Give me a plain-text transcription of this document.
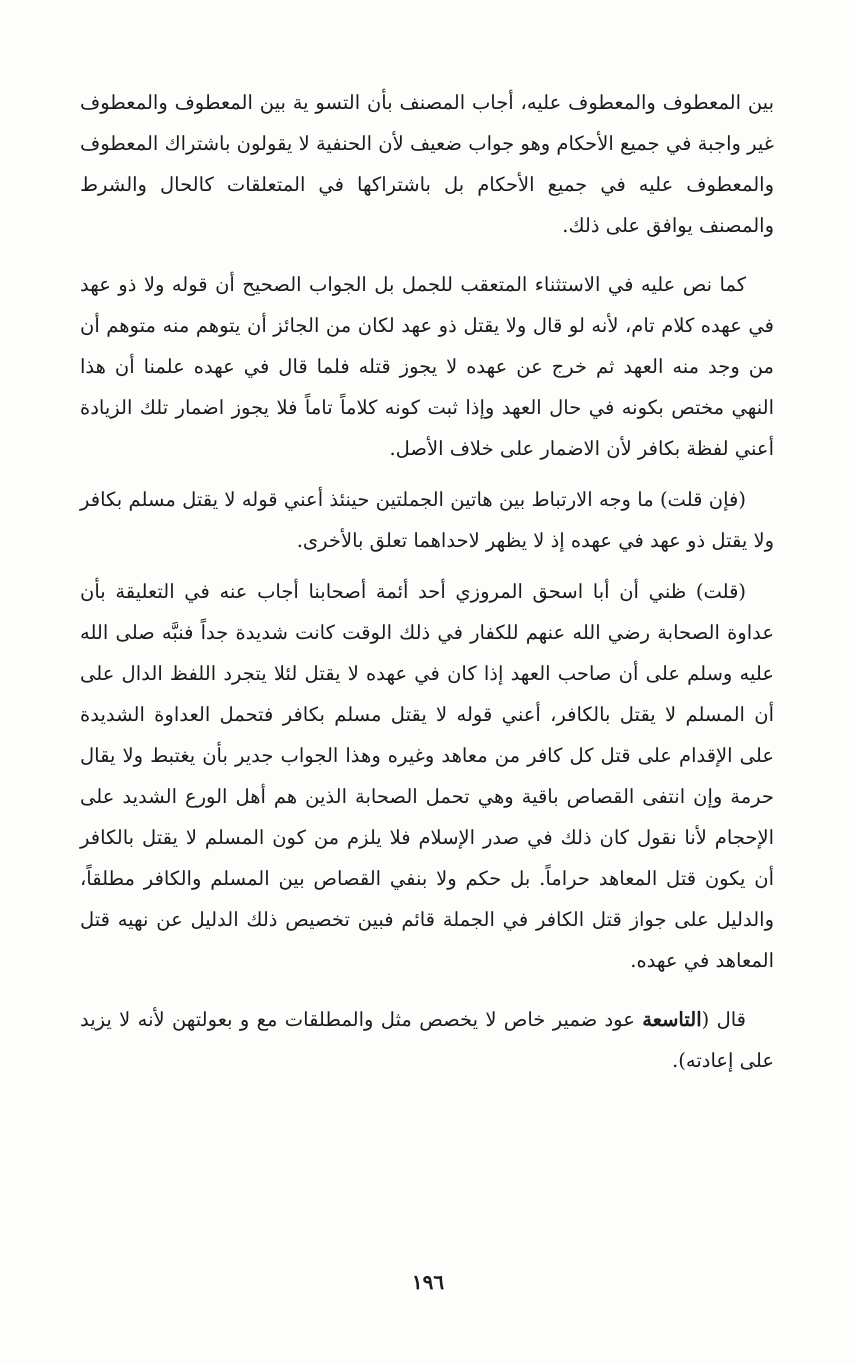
بين المعطوف والمعطوف عليه، أجاب المصنف بأن التسو ية بين المعطوف والمعطوف غير واجبة في جميع الأحكام وهو جواب ضعيف لأن الحنفية لا يقولون باشتراك المعطوف والمعطوف عليه في جميع الأحكام بل باشتراكها في المتعلقات كالحال والشرط والمصنف يوافق على ذلك.

كما نص عليه في الاستثناء المتعقب للجمل بل الجواب الصحيح أن قوله ولا ذو عهد في عهده كلام تام، لأنه لو قال ولا يقتل ذو عهد لكان من الجائز أن يتوهم منه متوهم أن من وجد منه العهد ثم خرج عن عهده لا يجوز قتله فلما قال في عهده علمنا أن هذا النهي مختص بكونه في حال العهد وإذا ثبت كونه كلاماً تاماً فلا يجوز اضمار تلك الزيادة أعني لفظة بكافر لأن الاضمار على خلاف الأصل.

(فإن قلت) ما وجه الارتباط بين هاتين الجملتين حينئذ أعني قوله لا يقتل مسلم بكافر ولا يقتل ذو عهد في عهده إذ لا يظهر لاحداهما تعلق بالأخرى.

(قلت) ظني أن أبا اسحق المروزي أحد أئمة أصحابنا أجاب عنه في التعليقة بأن عداوة الصحابة رضي الله عنهم للكفار في ذلك الوقت كانت شديدة جداً فنبَّه صلى الله عليه وسلم على أن صاحب العهد إذا كان في عهده لا يقتل لئلا يتجرد اللفظ الدال على أن المسلم لا يقتل بالكافر، أعني قوله لا يقتل مسلم بكافر فتحمل العداوة الشديدة على الإقدام على قتل كل كافر من معاهد وغيره وهذا الجواب جدير بأن يغتبط ولا يقال حرمة وإن انتفى القصاص باقية وهي تحمل الصحابة الذين هم أهل الورع الشديد على الإحجام لأنا نقول كان ذلك في صدر الإسلام فلا يلزم من كون المسلم لا يقتل بالكافر أن يكون قتل المعاهد حراماً. بل حكم ولا بنفي القصاص بين المسلم والكافر مطلقاً، والدليل على جواز قتل الكافر في الجملة قائم فبين تخصيص ذلك الدليل عن نهيه قتل المعاهد في عهده.

قال (التاسعة عود ضمير خاص لا يخصص مثل والمطلقات مع و بعولتهن لأنه لا يزيد على إعادته).

١٩٦
